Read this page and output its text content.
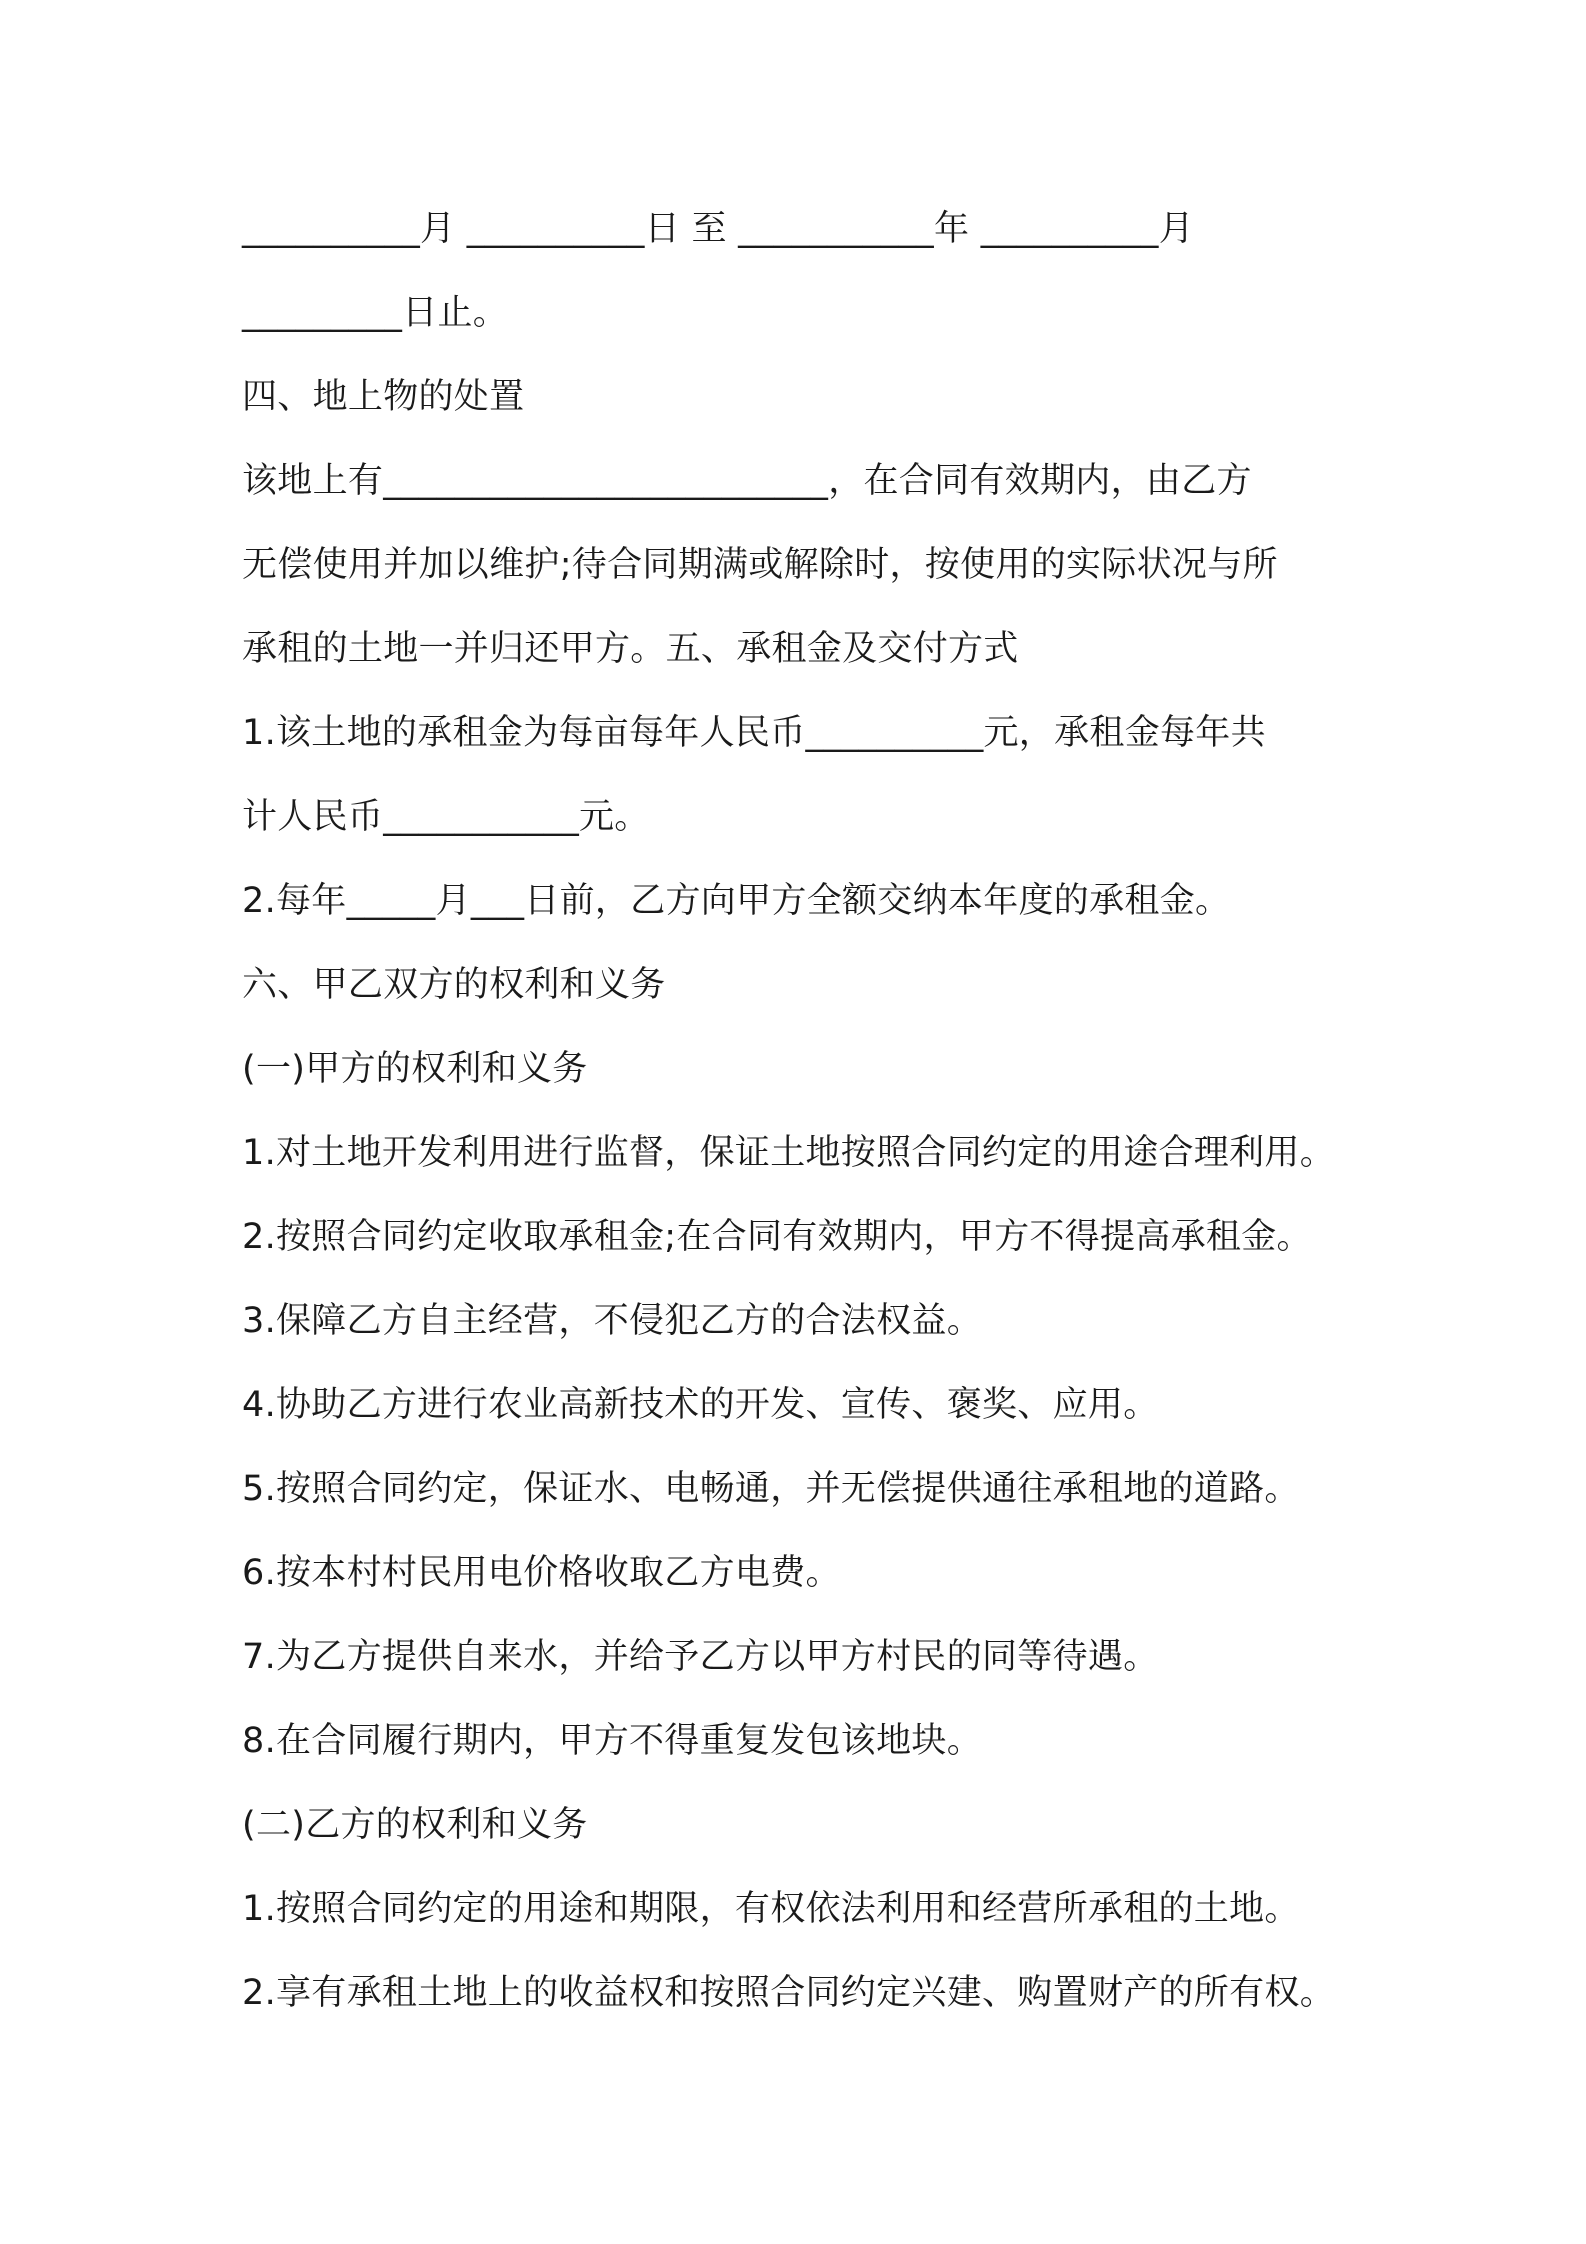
__________月 __________日 至 ___________年 __________月
_________日止。
四、地上物的处置
该地上有_________________________，在合同有效期内，由乙方
无偿使用并加以维护;待合同期满或解除时，按使用的实际状况与所
承租的土地一并归还甲方。五、承租金及交付方式
1.该土地的承租金为每亩每年人民币__________元，承租金每年共
计人民币___________元。
2.每年_____月___日前，乙方向甲方全额交纳本年度的承租金。
六、甲乙双方的权利和义务
(一)甲方的权利和义务
1.对土地开发利用进行监督，保证土地按照合同约定的用途合理利用。
2.按照合同约定收取承租金;在合同有效期内，甲方不得提高承租金。
3.保障乙方自主经营，不侵犯乙方的合法权益。
4.协助乙方进行农业高新技术的开发、宣传、褒奖、应用。
5.按照合同约定，保证水、电畅通，并无偿提供通往承租地的道路。
6.按本村村民用电价格收取乙方电费。
7.为乙方提供自来水，并给予乙方以甲方村民的同等待遇。
8.在合同履行期内，甲方不得重复发包该地块。
(二)乙方的权利和义务
1.按照合同约定的用途和期限，有权依法利用和经营所承租的土地。
2.享有承租土地上的收益权和按照合同约定兴建、购置财产的所有权。
